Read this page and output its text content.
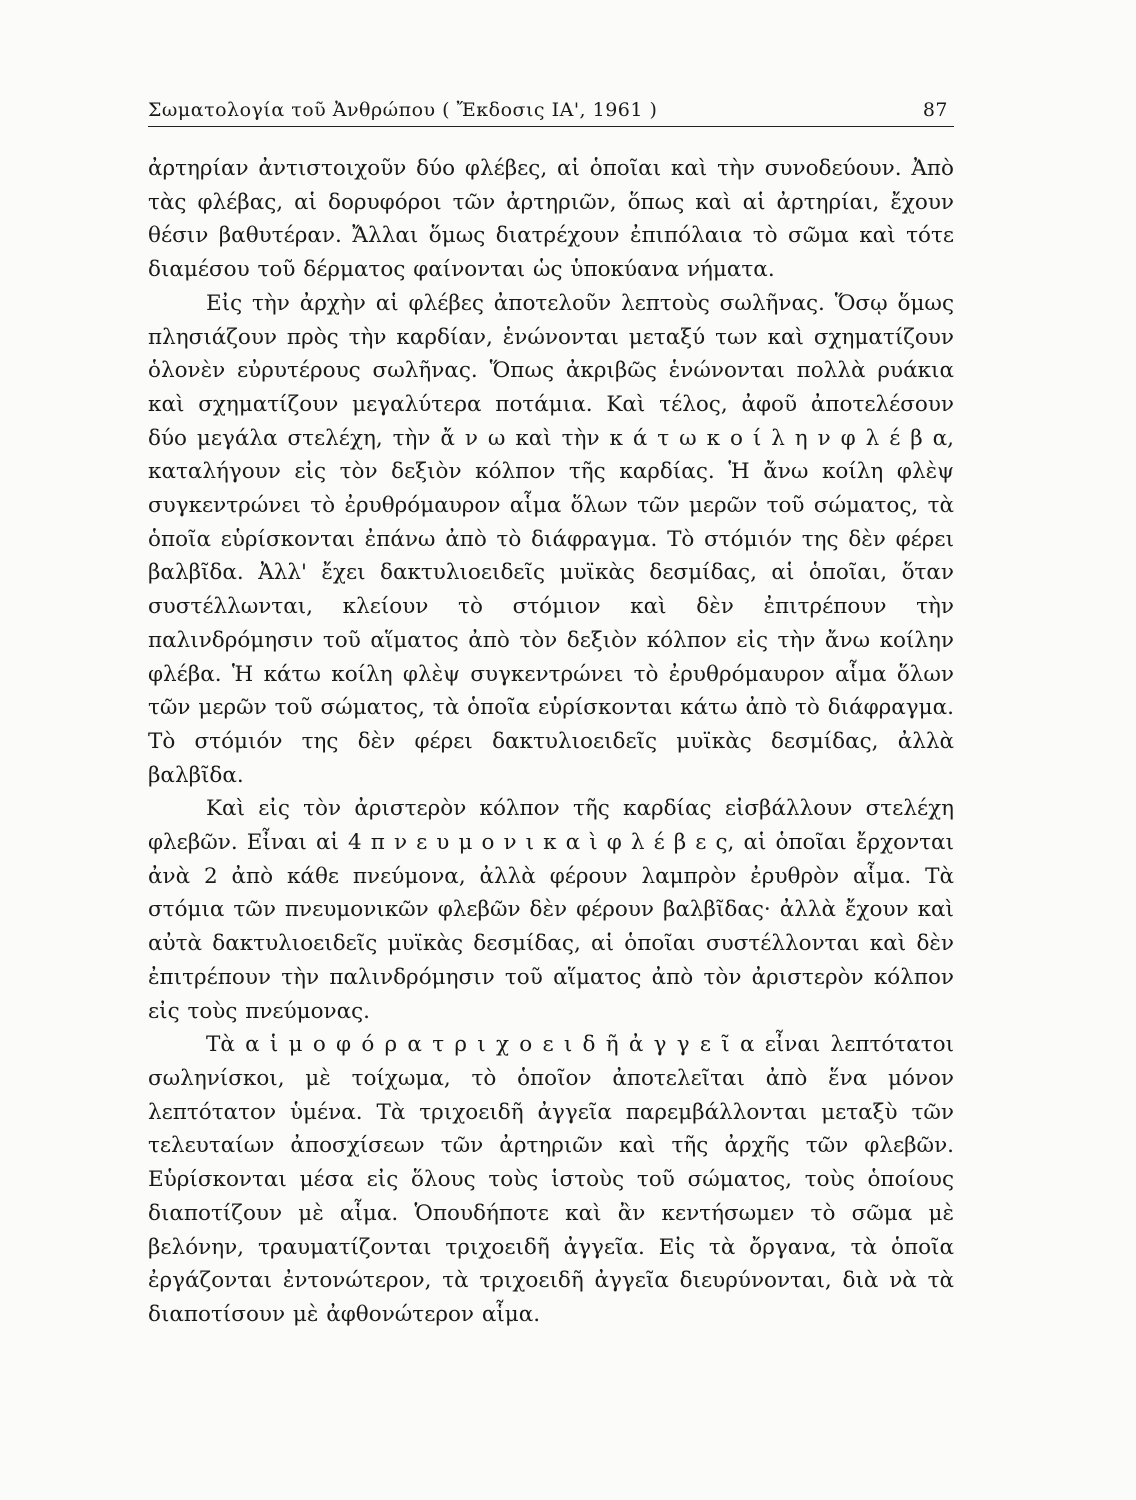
Σωματολογία τοῦ Ἀνθρώπου ( Ἔκδοσις ΙΑ', 1961 )	87

ἀρτηρίαν ἀντιστοιχοῦν δύο φλέβες, αἱ ὁποῖαι καὶ τὴν συνοδεύουν. Ἀπὸ τὰς φλέβας, αἱ δορυφόροι τῶν ἀρτηριῶν, ὅπως καὶ αἱ ἀρτηρίαι, ἔχουν θέσιν βαθυτέραν. Ἄλλαι ὅμως διατρέχουν ἐπιπόλαια τὸ σῶμα καὶ τότε διαμέσου τοῦ δέρματος φαίνονται ὡς ὑποκύανα νήματα.

Εἰς τὴν ἀρχὴν αἱ φλέβες ἀποτελοῦν λεπτοὺς σωλῆνας. Ὅσῳ ὅμως πλησιάζουν πρὸς τὴν καρδίαν, ἑνώνονται μεταξύ των καὶ σχηματίζουν ὁλονὲν εὐρυτέρους σωλῆνας. Ὅπως ἀκριβῶς ἑνώνονται πολλὰ ρυάκια καὶ σχηματίζουν μεγαλύτερα ποτάμια. Καὶ τέλος, ἀφοῦ ἀποτελέσουν δύο μεγάλα στελέχη, τὴν ἄ ν ω καὶ τὴν κ ά τ ω κ ο ί λ η ν φ λ έ β α, καταλήγουν εἰς τὸν δεξιὸν κόλπον τῆς καρδίας. Ἡ ἄνω κοίλη φλὲψ συγκεντρώνει τὸ ἐρυθρόμαυρον αἷμα ὅλων τῶν μερῶν τοῦ σώματος, τὰ ὁποῖα εὑρίσκονται ἐπάνω ἀπὸ τὸ διάφραγμα. Τὸ στόμιόν της δὲν φέρει βαλβῖδα. Ἀλλ' ἔχει δακτυλιοειδεῖς μυϊκὰς δεσμίδας, αἱ ὁποῖαι, ὅταν συστέλλωνται, κλείουν τὸ στόμιον καὶ δὲν ἐπιτρέπουν τὴν παλινδρόμησιν τοῦ αἵματος ἀπὸ τὸν δεξιὸν κόλπον εἰς τὴν ἄνω κοίλην φλέβα. Ἡ κάτω κοίλη φλὲψ συγκεντρώνει τὸ ἐρυθρόμαυρον αἷμα ὅλων τῶν μερῶν τοῦ σώματος, τὰ ὁποῖα εὑρίσκονται κάτω ἀπὸ τὸ διάφραγμα. Τὸ στόμιόν της δὲν φέρει δακτυλιοειδεῖς μυϊκὰς δεσμίδας, ἀλλὰ βαλβῖδα.

Καὶ εἰς τὸν ἀριστερὸν κόλπον τῆς καρδίας εἰσβάλλουν στελέχη φλεβῶν. Εἶναι αἱ 4 π ν ε υ μ ο ν ι κ α ὶ φ λ έ β ε ς, αἱ ὁποῖαι ἔρχονται ἀνὰ 2 ἀπὸ κάθε πνεύμονα, ἀλλὰ φέρουν λαμπρὸν ἐρυθρὸν αἷμα. Τὰ στόμια τῶν πνευμονικῶν φλεβῶν δὲν φέρουν βαλβῖδας· ἀλλὰ ἔχουν καὶ αὐτὰ δακτυλιοειδεῖς μυϊκὰς δεσμίδας, αἱ ὁποῖαι συστέλλονται καὶ δὲν ἐπιτρέπουν τὴν παλινδρόμησιν τοῦ αἵματος ἀπὸ τὸν ἀριστερὸν κόλπον εἰς τοὺς πνεύμονας.

Τὰ α ἱ μ ο φ ό ρ α τ ρ ι χ ο ε ι δ ῆ ἀ γ γ ε ῖ α εἶναι λεπτότατοι σωληνίσκοι, μὲ τοίχωμα, τὸ ὁποῖον ἀποτελεῖται ἀπὸ ἕνα μόνον λεπτότατον ὑμένα. Τὰ τριχοειδῆ ἀγγεῖα παρεμβάλλονται μεταξὺ τῶν τελευταίων ἀποσχίσεων τῶν ἀρτηριῶν καὶ τῆς ἀρχῆς τῶν φλεβῶν. Εὑρίσκονται μέσα εἰς ὅλους τοὺς ἱστοὺς τοῦ σώματος, τοὺς ὁποίους διαποτίζουν μὲ αἷμα. Ὁπουδήποτε καὶ ἂν κεντήσωμεν τὸ σῶμα μὲ βελόνην, τραυματίζονται τριχοειδῆ ἀγγεῖα. Εἰς τὰ ὄργανα, τὰ ὁποῖα ἐργάζονται ἐντονώτερον, τὰ τριχοειδῆ ἀγγεῖα διευρύνονται, διὰ νὰ τὰ διαποτίσουν μὲ ἀφθονώτερον αἷμα.
